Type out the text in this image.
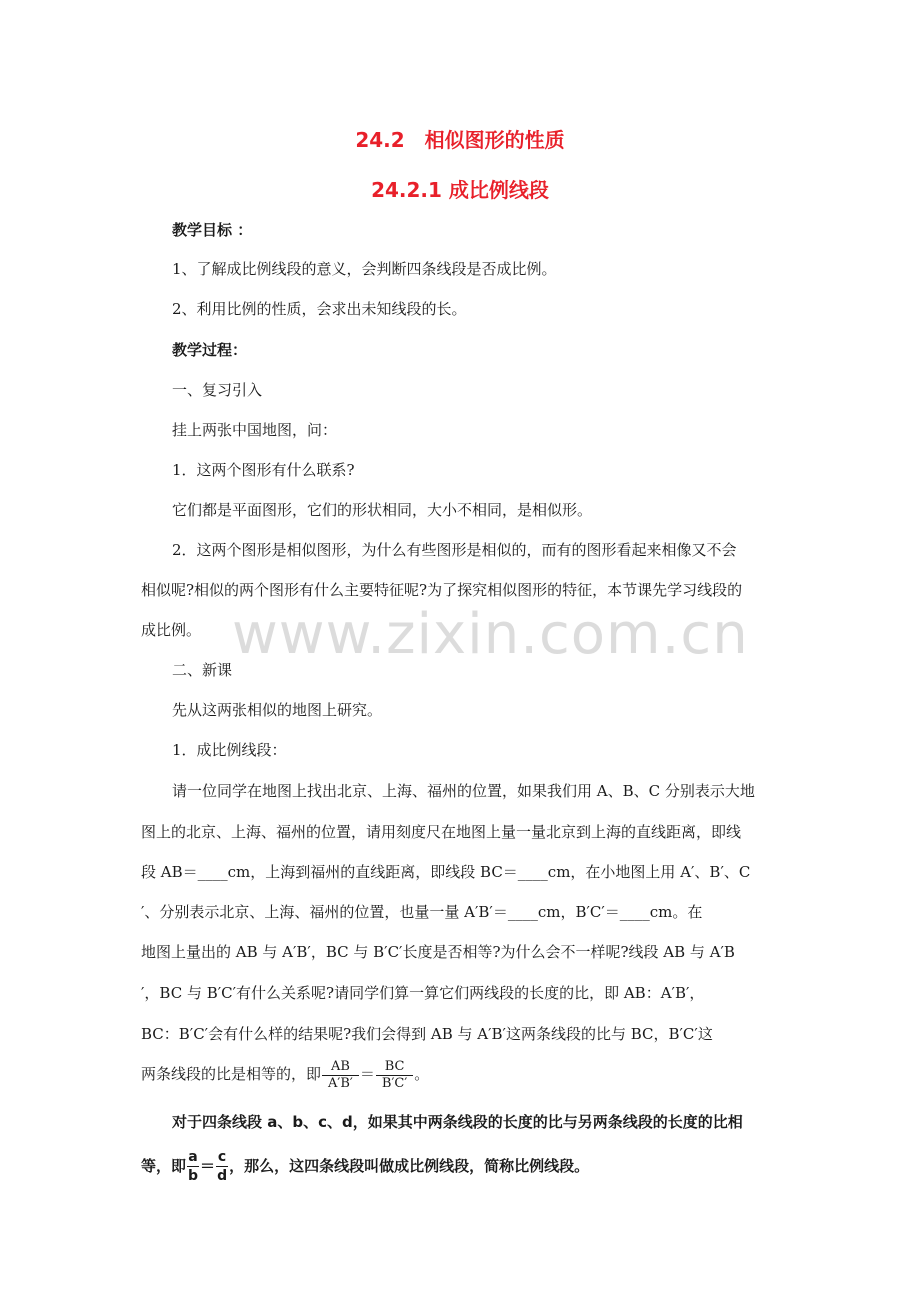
24.2　相似图形的性质
24.2.1 成比例线段
教学目标 ：
1、了解成比例线段的意义，会判断四条线段是否成比例。
2、利用比例的性质，会求出未知线段的长。
教学过程：
一、复习引入
挂上两张中国地图，问：
1．这两个图形有什么联系?
它们都是平面图形，它们的形状相同，大小不相同，是相似形。
2．这两个图形是相似图形，为什么有些图形是相似的，而有的图形看起来相像又不会
相似呢?相似的两个图形有什么主要特征呢?为了探究相似图形的特征，本节课先学习线段的
成比例。 www.zixin.com.cn
二、新课
先从这两张相似的地图上研究。
1．成比例线段：
请一位同学在地图上找出北京、上海、福州的位置，如果我们用 A、B、C 分别表示大地
图上的北京、上海、福州的位置，请用刻度尺在地图上量一量北京到上海的直线距离，即线
段 AB＝____cm，上海到福州的直线距离，即线段 BC＝____cm，在小地图上用 A′、B′、C
′、分别表示北京、上海、福州的位置，也量一量 A′B′＝____cm，B′C′＝____cm。在
地图上量出的 AB 与 A′B′，BC 与 B′C′长度是否相等?为什么会不一样呢?线段 AB 与 A′B
′，BC 与 B′C′有什么关系呢?请同学们算一算它们两线段的长度的比，即 AB：A′B′，
BC：B′C′会有什么样的结果呢?我们会得到 AB 与 A′B′这两条线段的比与 BC，B′C′这
两条线段的比是相等的，即 $\frac{AB}{A'B'} = \frac{BC}{B'C'}$ 。
对于四条线段 a、b、c、d，如果其中两条线段的长度的比与另两条线段的长度的比相
等，即 $\frac{a}{b} = \frac{c}{d}$ ，那么，这四条线段叫做成比例线段，简称比例线段。
